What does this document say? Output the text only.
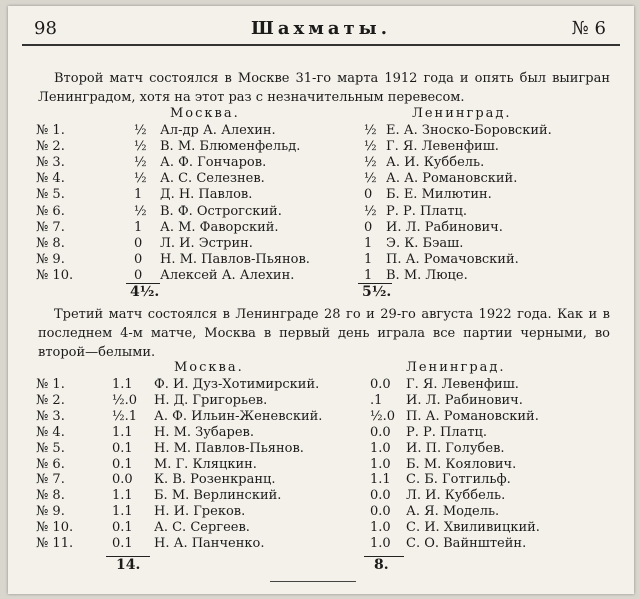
98	Шахматы.	№ 6
Второй матч состоялся в Москве 31-го марта 1912 года и опять был выигран Ленинградом, хотя на этот раз с незначительным перевесом.
Москва.	Ленинград.
№ 1.	½ Ал-др А. Алехин.	½ Е. А. Зноско-Боровский.
№ 2.	½ В. М. Блюменфельд.	½ Г. Я. Левенфиш.
№ 3.	½ А. Ф. Гончаров.	½ А. И. Куббель.
№ 4.	½ А. С. Селезнев.	½ А. А. Романовский.
№ 5.	1 Д. Н. Павлов.	0 Б. Е. Милютин.
№ 6.	½ В. Ф. Острогский.	½ Р. Р. Платц.
№ 7.	1 А. М. Фаворский.	0 И. Л. Рабинович.
№ 8.	0 Л. И. Эстрин.	1 Э. К. Бэаш.
№ 9.	0 Н. М. Павлов-Пьянов.	1 П. А. Ромачовский.
№ 10.	0 Алексей А. Алехин.	1 В. М. Люце.
4½.	5½.
Третий матч состоялся в Ленинграде 28 го и 29-го августа 1922 года. Как и в последнем 4-м матче, Москва в первый день играла все партии черными, во второй—белыми.
Москва.	Ленинград.
№ 1.	1.1 Ф. И. Дуз-Хотимирский.	0.0 Г. Я. Левенфиш.
№ 2.	½.0 Н. Д. Григорьев.	.1 И. Л. Рабинович.
№ 3.	½.1 А. Ф. Ильин-Женевский.	½.0 П. А. Романовский.
№ 4.	1.1 Н. М. Зубарев.	0.0 Р. Р. Платц.
№ 5.	0.1 Н. М. Павлов-Пьянов.	1.0 И. П. Голубев.
№ 6.	0.1 М. Г. Кляцкин.	1.0 Б. М. Коялович.
№ 7.	0.0 К. В. Розенкранц.	1.1 С. Б. Готгильф.
№ 8.	1.1 Б. М. Верлинский.	0.0 Л. И. Куббель.
№ 9.	1.1 Н. И. Греков.	0.0 А. Я. Модель.
№ 10.	0.1 А. С. Сергеев.	1.0 С. И. Хвиливицкий.
№ 11.	0.1 Н. А. Панченко.	1.0 С. О. Вайнштейн.
14.	8.
